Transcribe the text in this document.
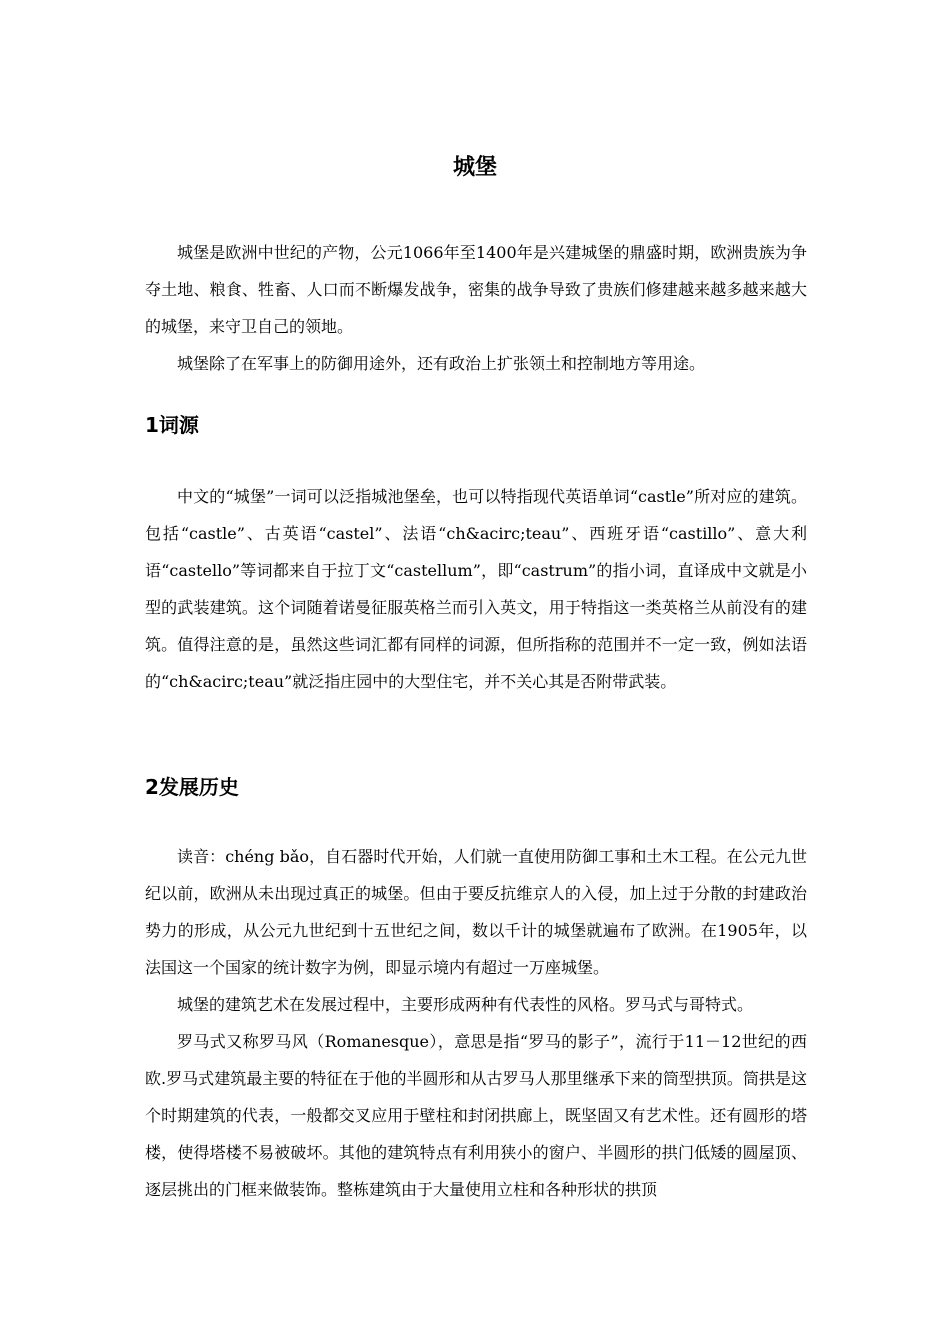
城堡

城堡是欧洲中世纪的产物，公元1066年至1400年是兴建城堡的鼎盛时期，欧洲贵族为争夺土地、粮食、牲畜、人口而不断爆发战争，密集的战争导致了贵族们修建越来越多越来越大的城堡，来守卫自己的领地。

城堡除了在军事上的防御用途外，还有政治上扩张领土和控制地方等用途。

1词源

中文的“城堡”一词可以泛指城池堡垒，也可以特指现代英语单词“castle”所对应的建筑。包括“castle”、古英语“castel”、法语“ch&acirc;teau”、西班牙语“castillo”、意大利语“castello”等词都来自于拉丁文“castellum”，即“castrum”的指小词，直译成中文就是小型的武装建筑。这个词随着诺曼征服英格兰而引入英文，用于特指这一类英格兰从前没有的建筑。值得注意的是，虽然这些词汇都有同样的词源，但所指称的范围并不一定一致，例如法语的“ch&acirc;teau”就泛指庄园中的大型住宅，并不关心其是否附带武装。

2发展历史

读音：chéng bǎo，自石器时代开始，人们就一直使用防御工事和土木工程。在公元九世纪以前，欧洲从未出现过真正的城堡。但由于要反抗维京人的入侵，加上过于分散的封建政治势力的形成，从公元九世纪到十五世纪之间，数以千计的城堡就遍布了欧洲。在1905年，以法国这一个国家的统计数字为例，即显示境内有超过一万座城堡。

城堡的建筑艺术在发展过程中，主要形成两种有代表性的风格。罗马式与哥特式。

罗马式又称罗马风（Romanesque），意思是指“罗马的影子”，流行于11－12世纪的西欧.罗马式建筑最主要的特征在于他的半圆形和从古罗马人那里继承下来的筒型拱顶。筒拱是这个时期建筑的代表，一般都交叉应用于壁柱和封闭拱廊上，既坚固又有艺术性。还有圆形的塔楼，使得塔楼不易被破坏。其他的建筑特点有利用狭小的窗户、半圆形的拱门低矮的圆屋顶、逐层挑出的门框来做装饰。整栋建筑由于大量使用立柱和各种形状的拱顶
